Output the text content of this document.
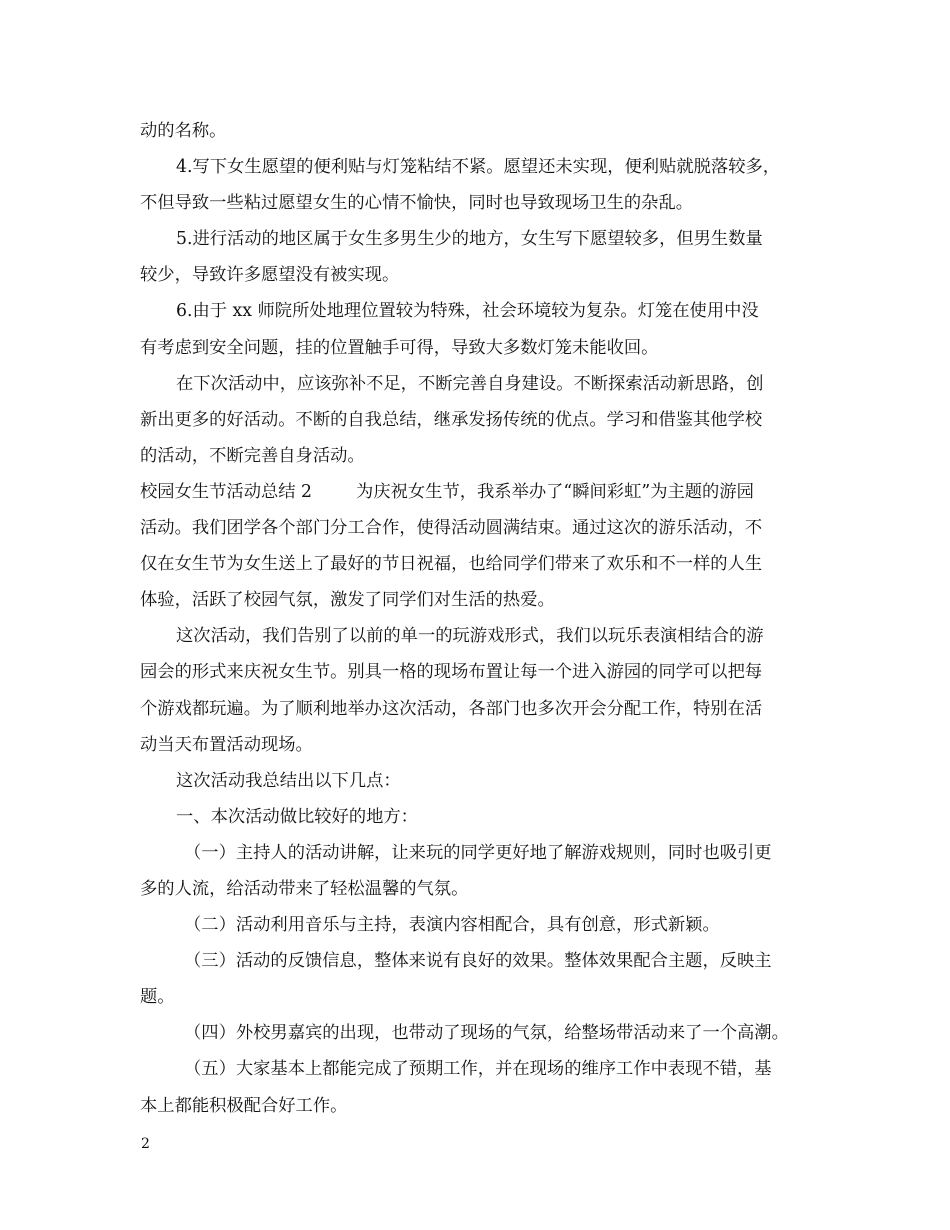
动的名称。
4.写下女生愿望的便利贴与灯笼粘结不紧。愿望还未实现，便利贴就脱落较多，
不但导致一些粘过愿望女生的心情不愉快，同时也导致现场卫生的杂乱。
5.进行活动的地区属于女生多男生少的地方，女生写下愿望较多，但男生数量
较少，导致许多愿望没有被实现。
6.由于 xx 师院所处地理位置较为特殊，社会环境较为复杂。灯笼在使用中没
有考虑到安全问题，挂的位置触手可得，导致大多数灯笼未能收回。
在下次活动中，应该弥补不足，不断完善自身建设。不断探索活动新思路，创
新出更多的好活动。不断的自我总结，继承发扬传统的优点。学习和借鉴其他学校
的活动，不断完善自身活动。
校园女生节活动总结 2	为庆祝女生节，我系举办了“瞬间彩虹”为主题的游园
活动。我们团学各个部门分工合作，使得活动圆满结束。通过这次的游乐活动，不
仅在女生节为女生送上了最好的节日祝福，也给同学们带来了欢乐和不一样的人生
体验，活跃了校园气氛，激发了同学们对生活的热爱。
这次活动，我们告别了以前的单一的玩游戏形式，我们以玩乐表演相结合的游
园会的形式来庆祝女生节。别具一格的现场布置让每一个进入游园的同学可以把每
个游戏都玩遍。为了顺利地举办这次活动，各部门也多次开会分配工作，特别在活
动当天布置活动现场。
这次活动我总结出以下几点：
一、本次活动做比较好的地方：
（一）主持人的活动讲解，让来玩的同学更好地了解游戏规则，同时也吸引更
多的人流，给活动带来了轻松温馨的气氛。
（二）活动利用音乐与主持，表演内容相配合，具有创意，形式新颖。
（三）活动的反馈信息，整体来说有良好的效果。整体效果配合主题，反映主
题。
（四）外校男嘉宾的出现，也带动了现场的气氛，给整场带活动来了一个高潮。
（五）大家基本上都能完成了预期工作，并在现场的维序工作中表现不错，基
本上都能积极配合好工作。
2
